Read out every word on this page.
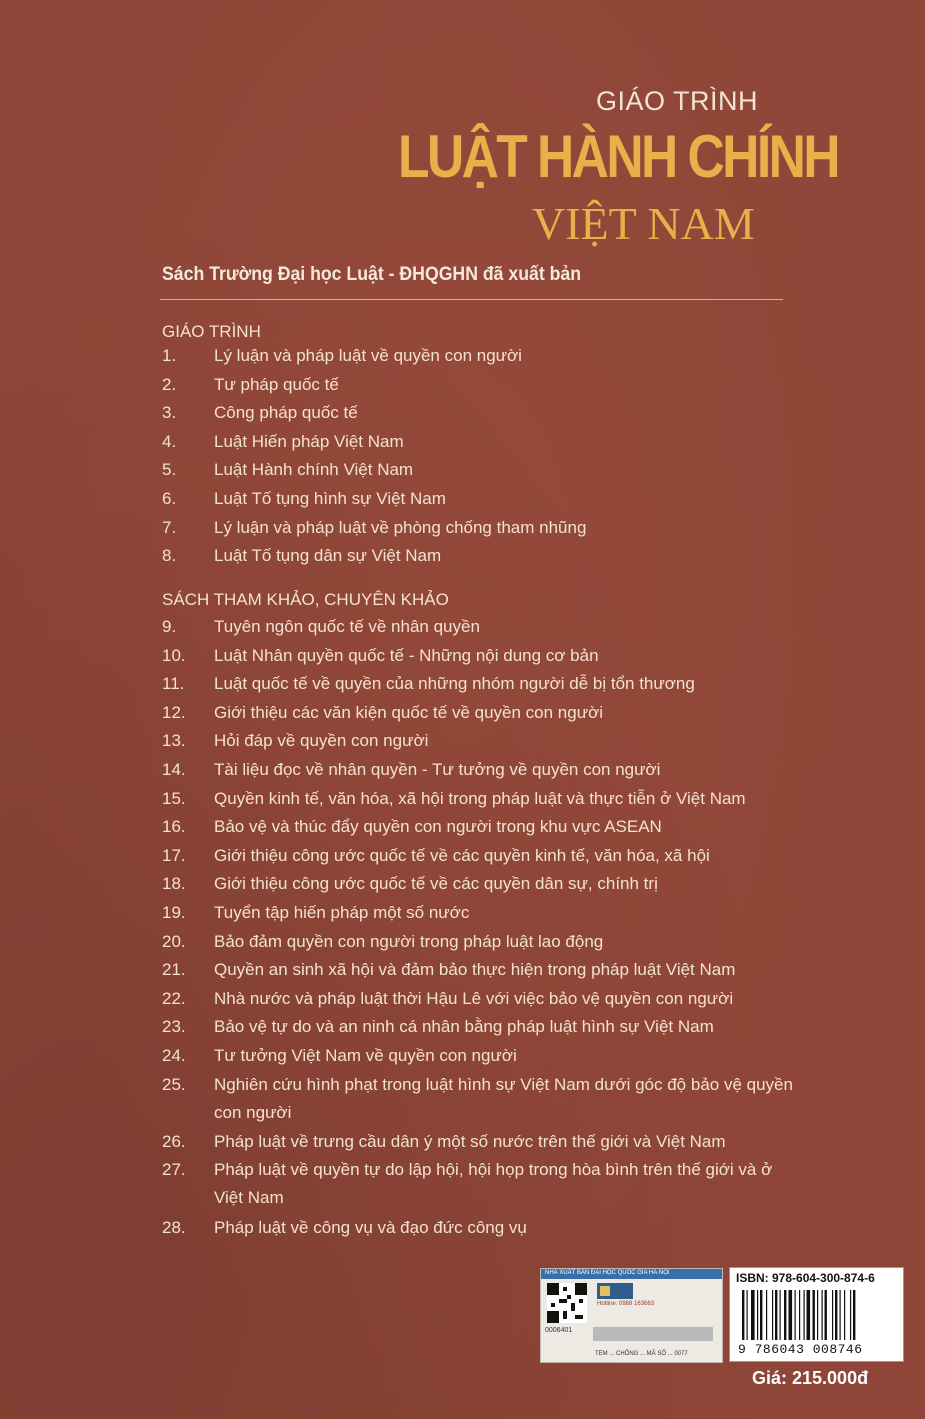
GIÁO TRÌNH
LUẬT HÀNH CHÍNH
VIỆT NAM
Sách Trường Đại học Luật - ĐHQGHN đã xuất bản
GIÁO TRÌNH
1.	Lý luận và pháp luật về quyền con người
2.	Tư pháp quốc tế
3.	Công pháp quốc tế
4.	Luật Hiến pháp Việt Nam
5.	Luật Hành chính Việt Nam
6.	Luật Tố tụng hình sự Việt Nam
7.	Lý luận và pháp luật về phòng chống tham nhũng
8.	Luật Tố tụng dân sự Việt Nam
SÁCH THAM KHẢO, CHUYÊN KHẢO
9.	Tuyên ngôn quốc tế về nhân quyền
10.	Luật Nhân quyền quốc tế - Những nội dung cơ bản
11.	Luật quốc tế về quyền của những nhóm người dễ bị tổn thương
12.	Giới thiệu các văn kiện quốc tế về quyền con người
13.	Hỏi đáp về quyền con người
14.	Tài liệu đọc về nhân quyền - Tư tưởng về quyền con người
15.	Quyền kinh tế, văn hóa, xã hội trong pháp luật và thực tiễn ở Việt Nam
16.	Bảo vệ và thúc đẩy quyền con người trong khu vực ASEAN
17.	Giới thiệu công ước quốc tế về các quyền kinh tế, văn hóa, xã hội
18.	Giới thiệu công ước quốc tế về các quyền dân sự, chính trị
19.	Tuyển tập hiến pháp một số nước
20.	Bảo đảm quyền con người trong pháp luật lao động
21.	Quyền an sinh xã hội và đảm bảo thực hiện trong pháp luật Việt Nam
22.	Nhà nước và pháp luật thời Hậu Lê với việc bảo vệ quyền con người
23.	Bảo vệ tự do và an ninh cá nhân bằng pháp luật hình sự Việt Nam
24.	Tư tưởng Việt Nam về quyền con người
25.	Nghiên cứu hình phạt trong luật hình sự Việt Nam dưới góc độ bảo vệ quyền con người
26.	Pháp luật về trưng cầu dân ý một số nước trên thế giới và Việt Nam
27.	Pháp luật về quyền tự do lập hội, hội họp trong hòa bình trên thế giới và ở Việt Nam
28.	Pháp luật về công vụ và đạo đức công vụ
NHÀ XUẤT BẢN ĐẠI HỌC QUỐC GIA HÀ NỘI
Hotline: 0988 163663
0006401
TEM ... CHỐNG ... MÃ SỐ ... 0077
ISBN: 978-604-300-874-6
9 786043 008746
Giá: 215.000đ
